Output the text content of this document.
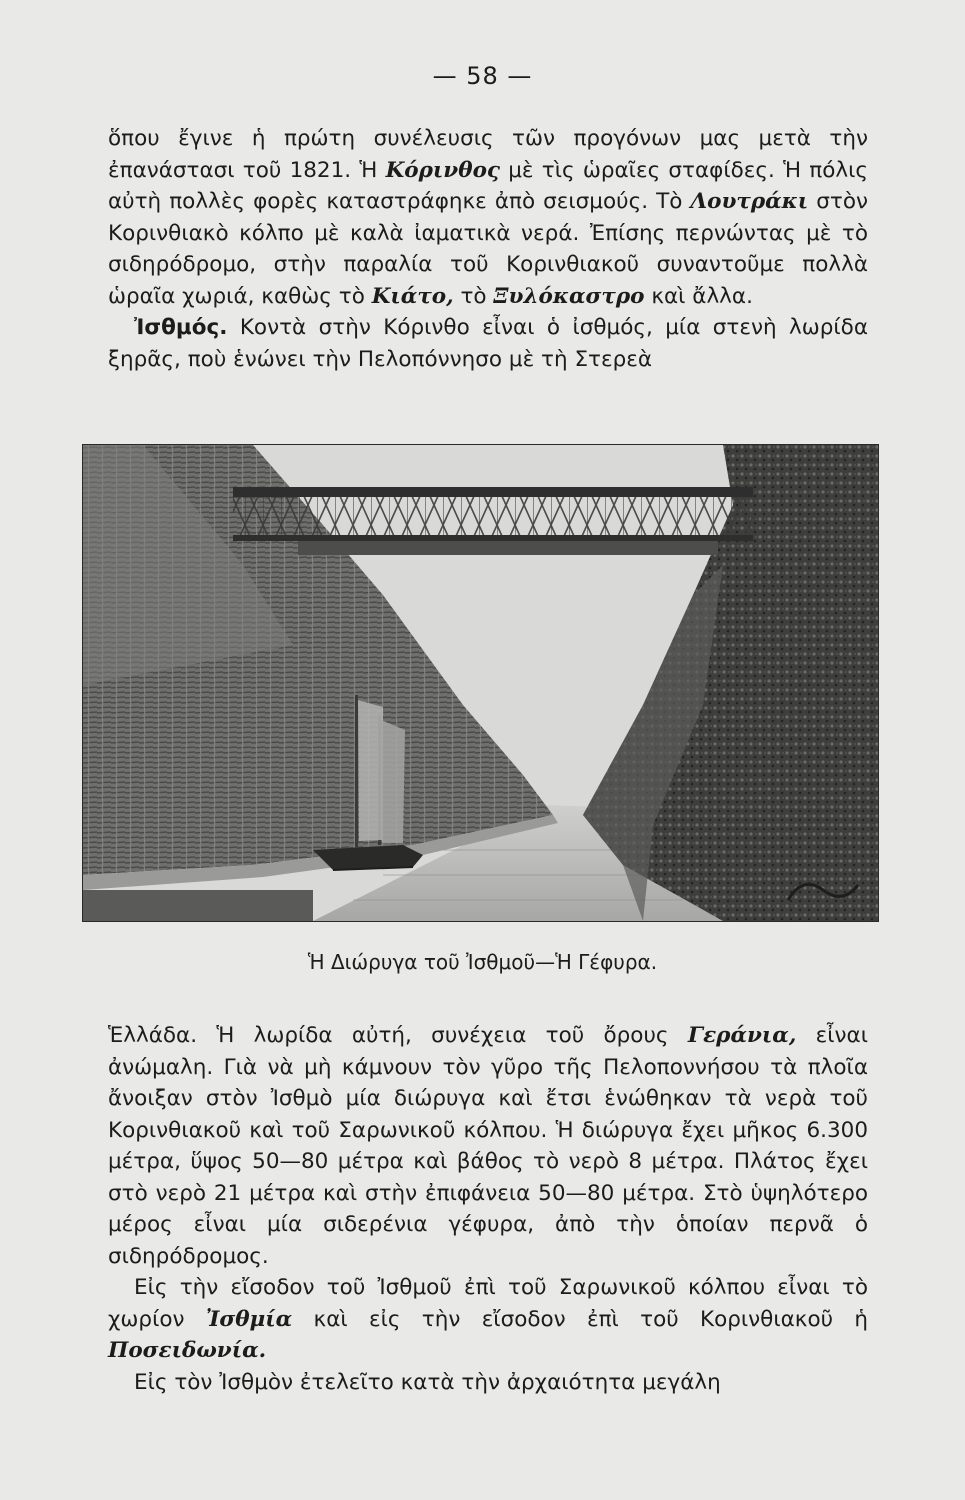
— 58 —

ὅπου ἔγινε ἡ πρώτη συνέλευσις τῶν προγόνων μας μετὰ τὴν ἐπανάστασι τοῦ 1821. Ἡ Κόρινθος μὲ τὶς ὡραῖες σταφίδες. Ἡ πόλις αὐτὴ πολλὲς φορὲς καταστράφηκε ἀπὸ σεισμούς. Τὸ Λουτράκι στὸν Κορινθιακὸ κόλπο μὲ καλὰ ἰαματικὰ νερά. Ἐπίσης περνώντας μὲ τὸ σιδηρόδρομο, στὴν παραλία τοῦ Κορινθιακοῦ συναντοῦμε πολλὰ ὡραῖα χωριά, καθὼς τὸ Κιάτο, τὸ Ξυλόκαστρο καὶ ἄλλα.

Ἰσθμός. Κοντὰ στὴν Κόρινθο εἶναι ὁ ἰσθμός, μία στενὴ λωρίδα ξηρᾶς, ποὺ ἑνώνει τὴν Πελοπόννησο μὲ τὴ Στερεὰ

Ἡ Διώρυγα τοῦ Ἰσθμοῦ—Ἡ Γέφυρα.

Ἑλλάδα. Ἡ λωρίδα αὐτή, συνέχεια τοῦ ὄρους Γεράνια, εἶναι ἀνώμαλη. Γιὰ νὰ μὴ κάμνουν τὸν γῦρο τῆς Πελοποννήσου τὰ πλοῖα ἄνοιξαν στὸν Ἰσθμὸ μία διώρυγα καὶ ἔτσι ἑνώθηκαν τὰ νερὰ τοῦ Κορινθιακοῦ καὶ τοῦ Σαρωνικοῦ κόλπου. Ἡ διώρυγα ἔχει μῆκος 6.300 μέτρα, ὕψος 50—80 μέτρα καὶ βάθος τὸ νερὸ 8 μέτρα. Πλάτος ἔχει στὸ νερὸ 21 μέτρα καὶ στὴν ἐπιφάνεια 50—80 μέτρα. Στὸ ὑψηλότερο μέρος εἶναι μία σιδερένια γέφυρα, ἀπὸ τὴν ὁποίαν περνᾶ ὁ σιδηρόδρομος.

Εἰς τὴν εἴσοδον τοῦ Ἰσθμοῦ ἐπὶ τοῦ Σαρωνικοῦ κόλπου εἶναι τὸ χωρίον Ἰσθμία καὶ εἰς τὴν εἴσοδον ἐπὶ τοῦ Κορινθιακοῦ ἡ Ποσειδωνία.

Εἰς τὸν Ἰσθμὸν ἐτελεῖτο κατὰ τὴν ἀρχαιότητα μεγάλη
